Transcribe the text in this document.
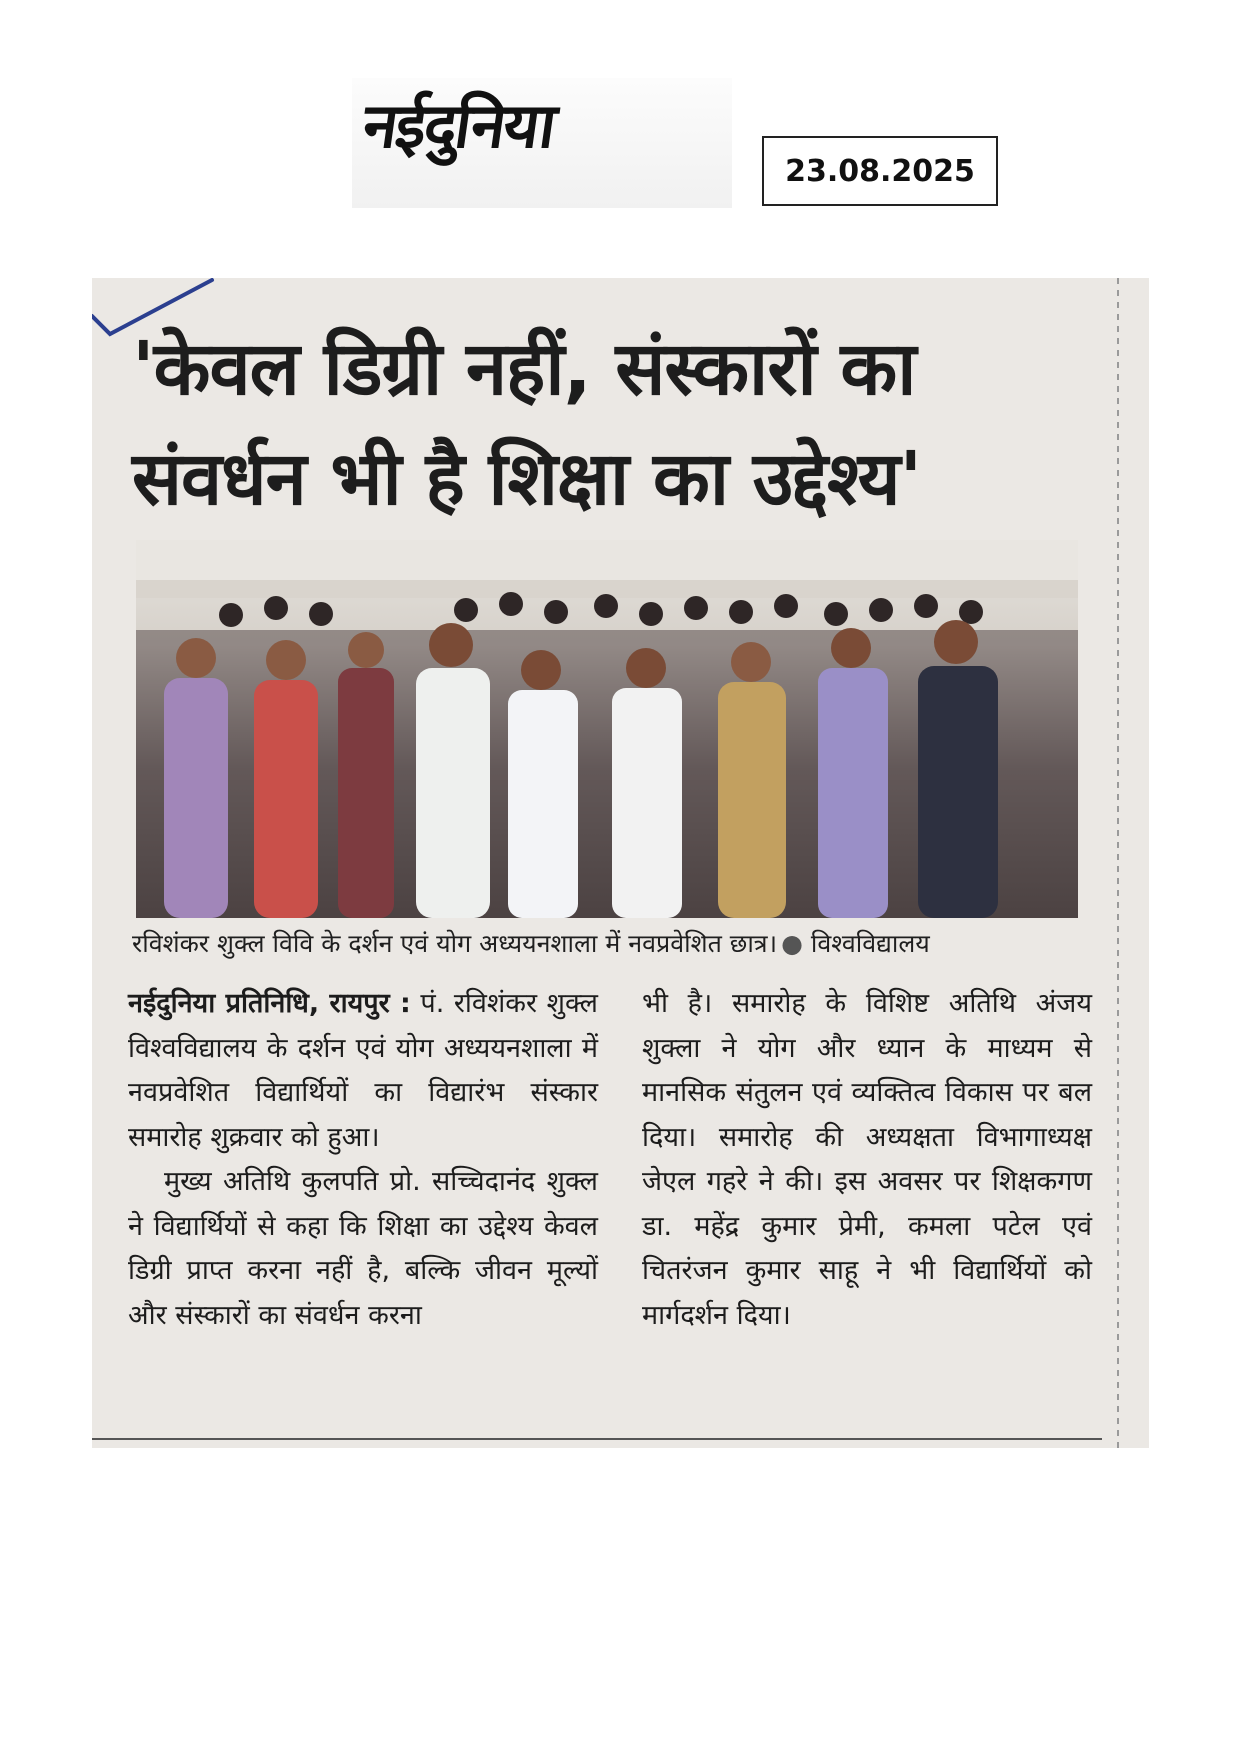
नईदुनिया
23.08.2025
'केवल डिग्री नहीं, संस्कारों का
संवर्धन भी है शिक्षा का उद्देश्य'
रविशंकर शुक्ल विवि के दर्शन एवं योग अध्ययनशाला में नवप्रवेशित छात्र। ● विश्वविद्यालय

नईदुनिया प्रतिनिधि, रायपुर : पं. रविशंकर शुक्ल विश्वविद्यालय के दर्शन एवं योग अध्ययनशाला में नवप्रवेशित विद्यार्थियों का विद्यारंभ संस्कार समारोह शुक्रवार को हुआ।

मुख्य अतिथि कुलपति प्रो. सच्चिदानंद शुक्ल ने विद्यार्थियों से कहा कि शिक्षा का उद्देश्य केवल डिग्री प्राप्त करना नहीं है, बल्कि जीवन मूल्यों और संस्कारों का संवर्धन करना

भी है। समारोह के विशिष्ट अतिथि अंजय शुक्ला ने योग और ध्यान के माध्यम से मानसिक संतुलन एवं व्यक्तित्व विकास पर बल दिया। समारोह की अध्यक्षता विभागाध्यक्ष जेएल गहरे ने की। इस अवसर पर शिक्षकगण डा. महेंद्र कुमार प्रेमी, कमला पटेल एवं चितरंजन कुमार साहू ने भी विद्यार्थियों को मार्गदर्शन दिया।
